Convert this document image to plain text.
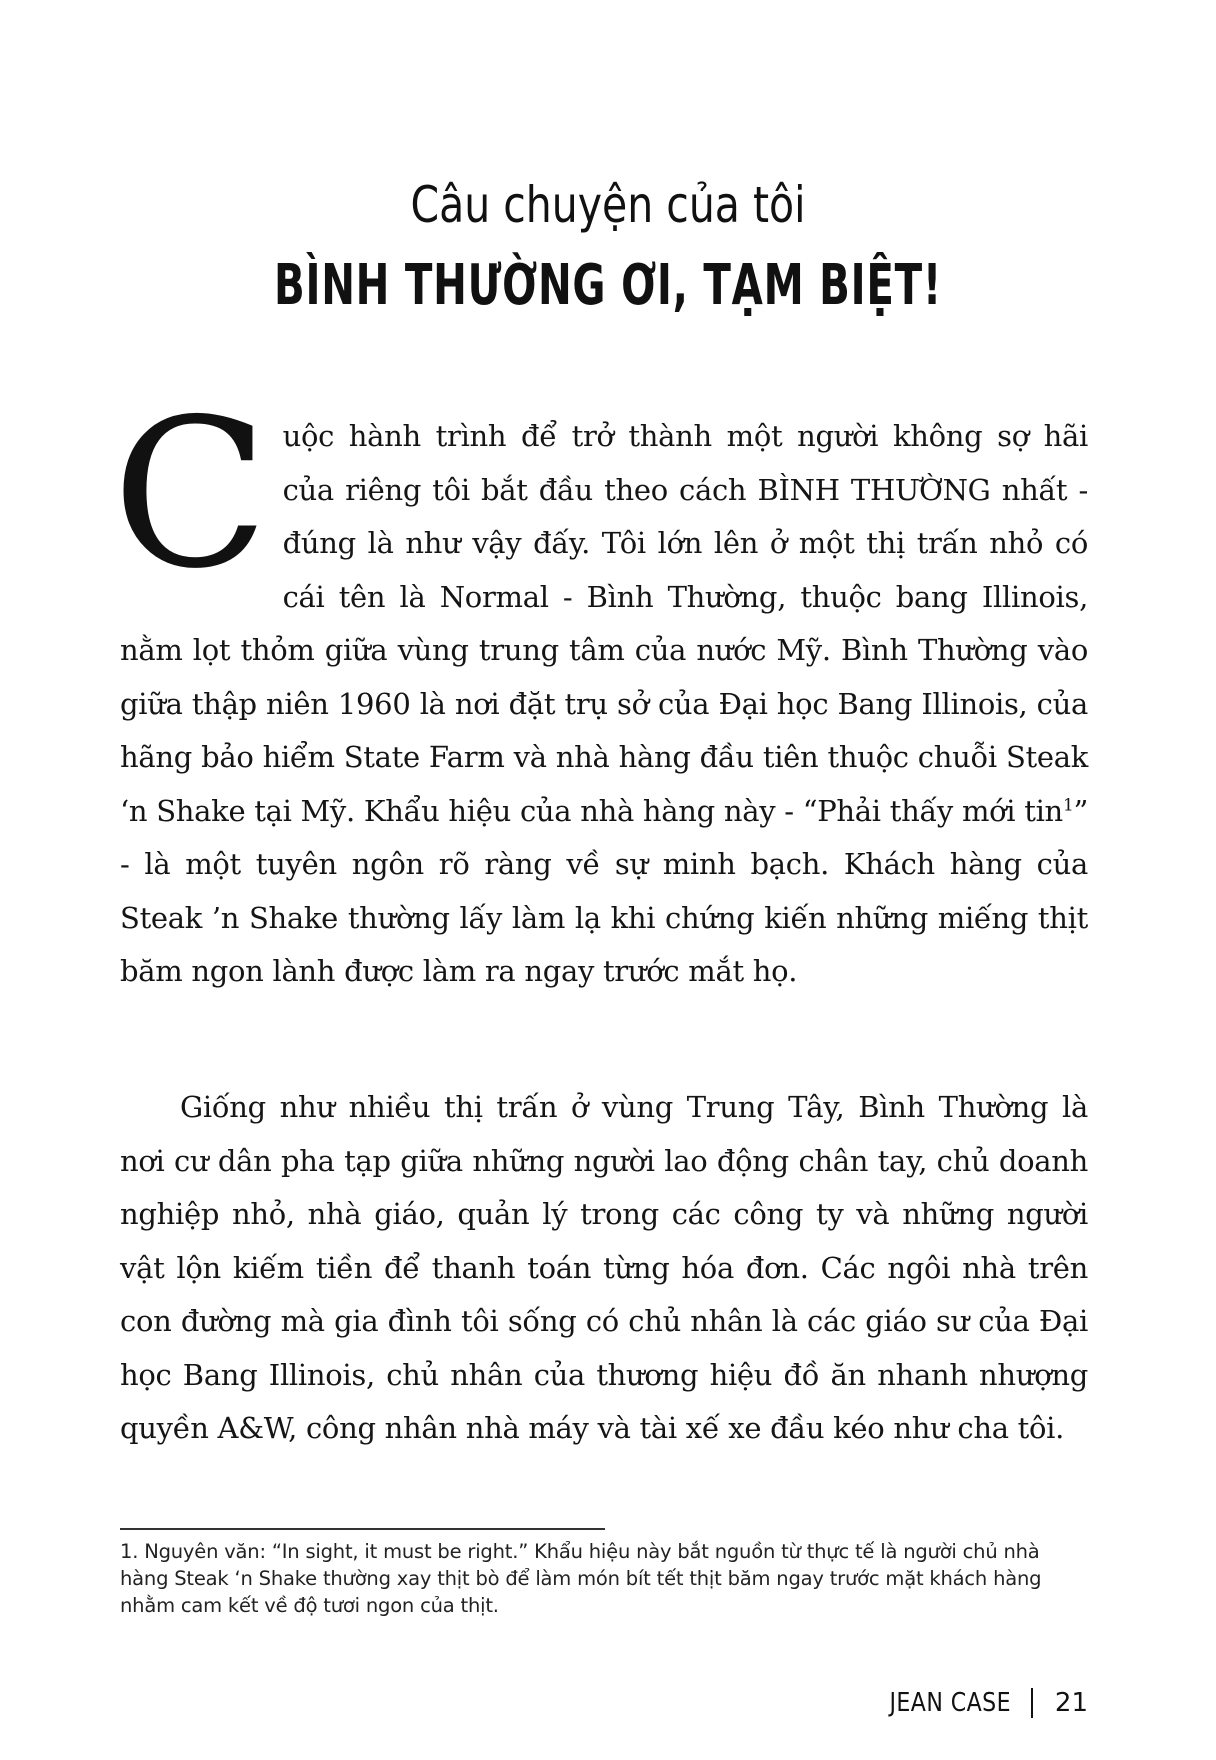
Câu chuyện của tôi
BÌNH THƯỜNG ƠI, TẠM BIỆT!
Cuộc hành trình để trở thành một người không sợ hãi của riêng tôi bắt đầu theo cách BÌNH THƯỜNG nhất - đúng là như vậy đấy. Tôi lớn lên ở một thị trấn nhỏ có cái tên là Normal - Bình Thường, thuộc bang Illinois, nằm lọt thỏm giữa vùng trung tâm của nước Mỹ. Bình Thường vào giữa thập niên 1960 là nơi đặt trụ sở của Đại học Bang Illinois, của hãng bảo hiểm State Farm và nhà hàng đầu tiên thuộc chuỗi Steak ‘n Shake tại Mỹ. Khẩu hiệu của nhà hàng này - “Phải thấy mới tin$^1$” - là một tuyên ngôn rõ ràng về sự minh bạch. Khách hàng của Steak ’n Shake thường lấy làm lạ khi chứng kiến những miếng thịt băm ngon lành được làm ra ngay trước mắt họ.
Giống như nhiều thị trấn ở vùng Trung Tây, Bình Thường là nơi cư dân pha tạp giữa những người lao động chân tay, chủ doanh nghiệp nhỏ, nhà giáo, quản lý trong các công ty và những người vật lộn kiếm tiền để thanh toán từng hóa đơn. Các ngôi nhà trên con đường mà gia đình tôi sống có chủ nhân là các giáo sư của Đại học Bang Illinois, chủ nhân của thương hiệu đồ ăn nhanh nhượng quyền A&W, công nhân nhà máy và tài xế xe đầu kéo như cha tôi.
1. Nguyên văn: “In sight, it must be right.” Khẩu hiệu này bắt nguồn từ thực tế là người chủ nhà hàng Steak ‘n Shake thường xay thịt bò để làm món bít tết thịt băm ngay trước mặt khách hàng nhằm cam kết về độ tươi ngon của thịt.
JEAN CASE 21
